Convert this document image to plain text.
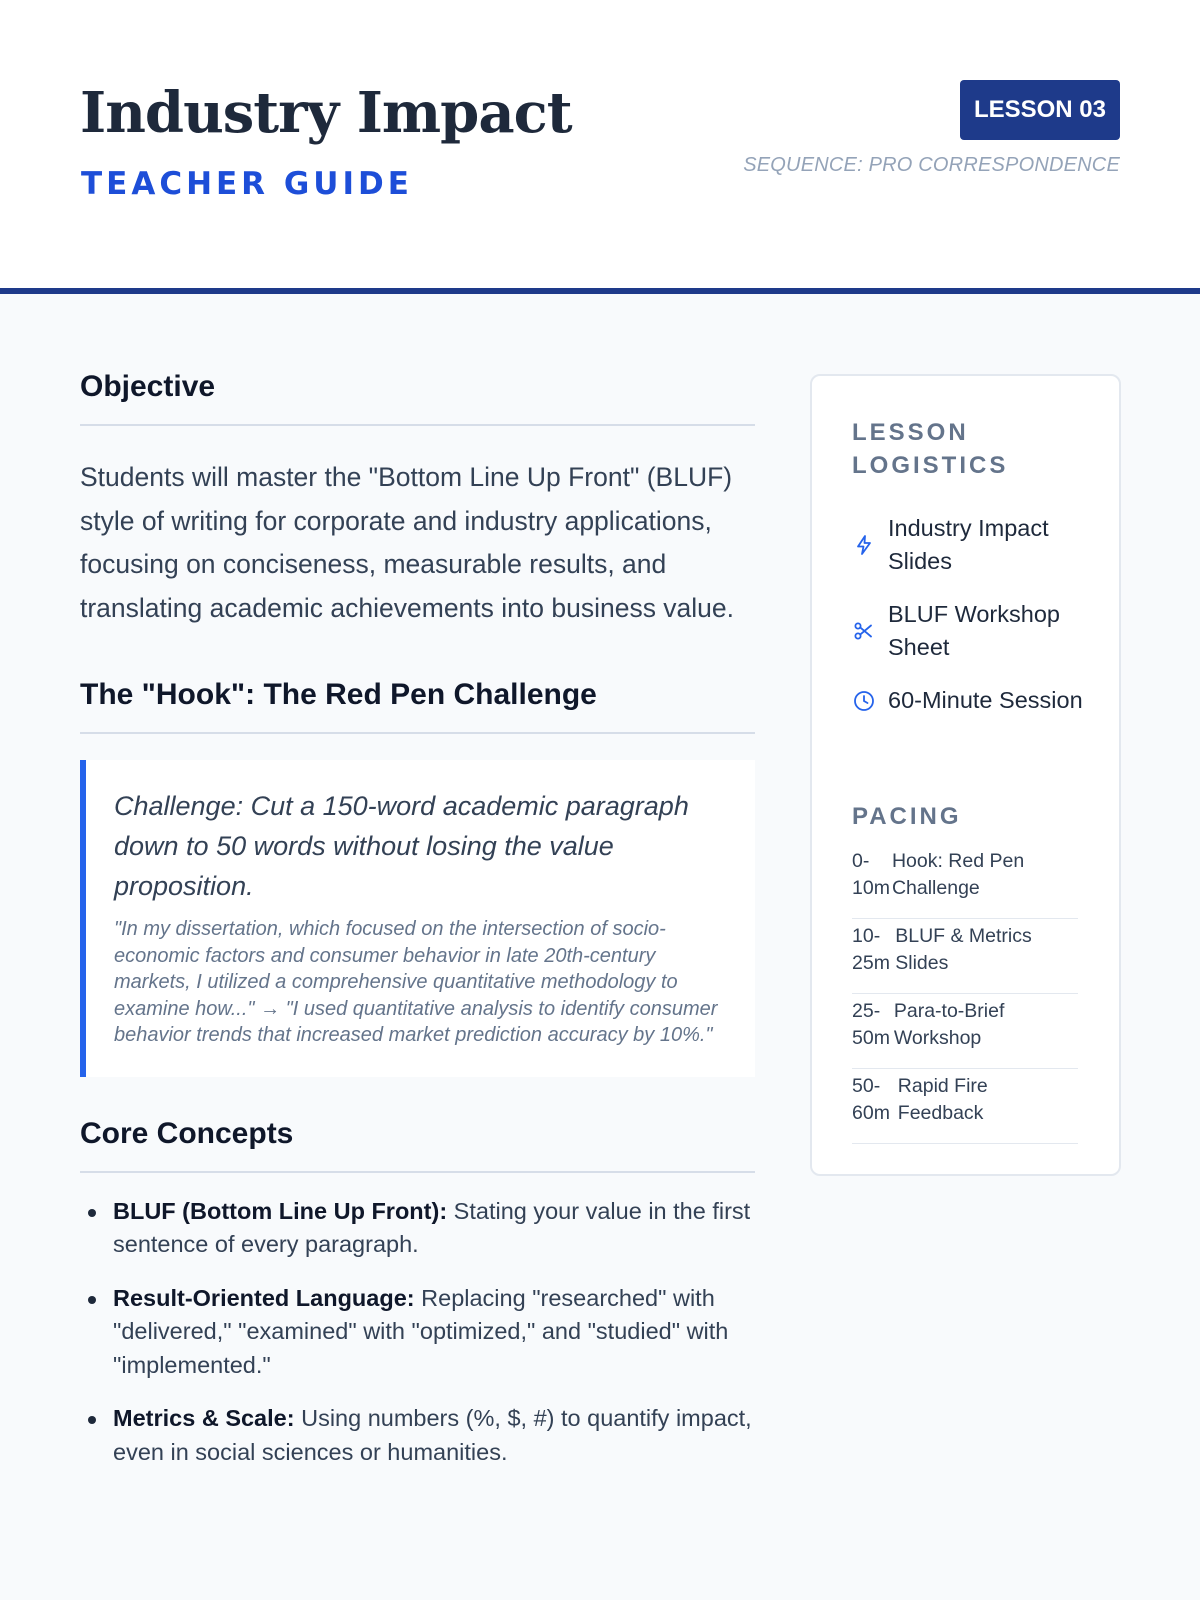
Industry Impact
TEACHER GUIDE
LESSON 03
SEQUENCE: PRO CORRESPONDENCE
Objective

Students will master the "Bottom Line Up Front" (BLUF) style of writing for corporate and industry applications, focusing on conciseness, measurable results, and translating academic achievements into business value.

The "Hook": The Red Pen Challenge

Challenge: Cut a 150-word academic paragraph down to 50 words without losing the value proposition.

"In my dissertation, which focused on the intersection of socio-economic factors and consumer behavior in late 20th-century markets, I utilized a comprehensive quantitative methodology to examine how..." → "I used quantitative analysis to identify consumer behavior trends that increased market prediction accuracy by 10%."

Core Concepts
BLUF (Bottom Line Up Front): Stating your value in the first sentence of every paragraph.
Result-Oriented Language: Replacing "researched" with "delivered," "examined" with "optimized," and "studied" with "implemented."
Metrics & Scale: Using numbers (%, $, #) to quantify impact, even in social sciences or humanities.
LESSON LOGISTICS
Industry Impact Slides
BLUF Workshop Sheet
60-Minute Session
PACING
0-10m
Hook: Red Pen Challenge
10-25m
BLUF & Metrics Slides
25-50m
Para-to-Brief Workshop
50-60m
Rapid Fire Feedback
